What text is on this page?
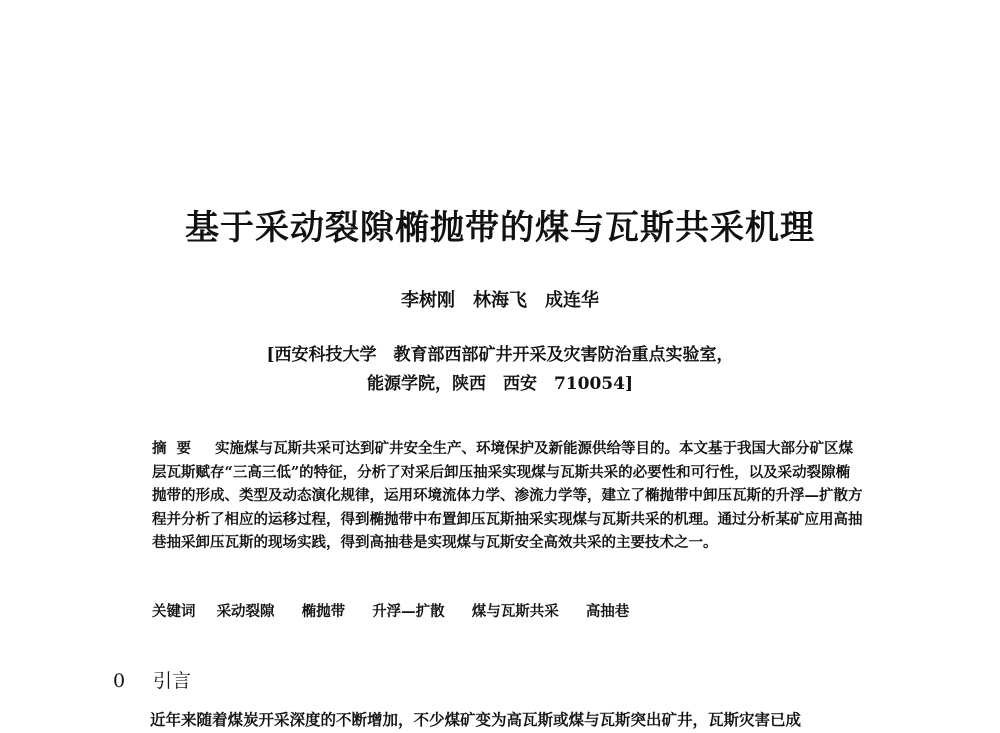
基于采动裂隙椭抛带的煤与瓦斯共采机理
李树刚　林海飞　成连华
[西安科技大学　教育部西部矿井开采及灾害防治重点实验室，
能源学院，陕西　西安　710054]
摘要 实施煤与瓦斯共采可达到矿井安全生产、环境保护及新能源供给等目的。本文基于我国大部分矿区煤层瓦斯赋存“三高三低”的特征，分析了对采后卸压抽采实现煤与瓦斯共采的必要性和可行性，以及采动裂隙椭抛带的形成、类型及动态演化规律，运用环境流体力学、渗流力学等，建立了椭抛带中卸压瓦斯的升浮—扩散方程并分析了相应的运移过程，得到椭抛带中布置卸压瓦斯抽采实现煤与瓦斯共采的机理。通过分析某矿应用高抽巷抽采卸压瓦斯的现场实践，得到高抽巷是实现煤与瓦斯安全高效共采的主要技术之一。
关键词 采动裂隙 椭抛带 升浮—扩散 煤与瓦斯共采 高抽巷
0 引言
近年来随着煤炭开采深度的不断增加，不少煤矿变为高瓦斯或煤与瓦斯突出矿井，瓦斯灾害已成
